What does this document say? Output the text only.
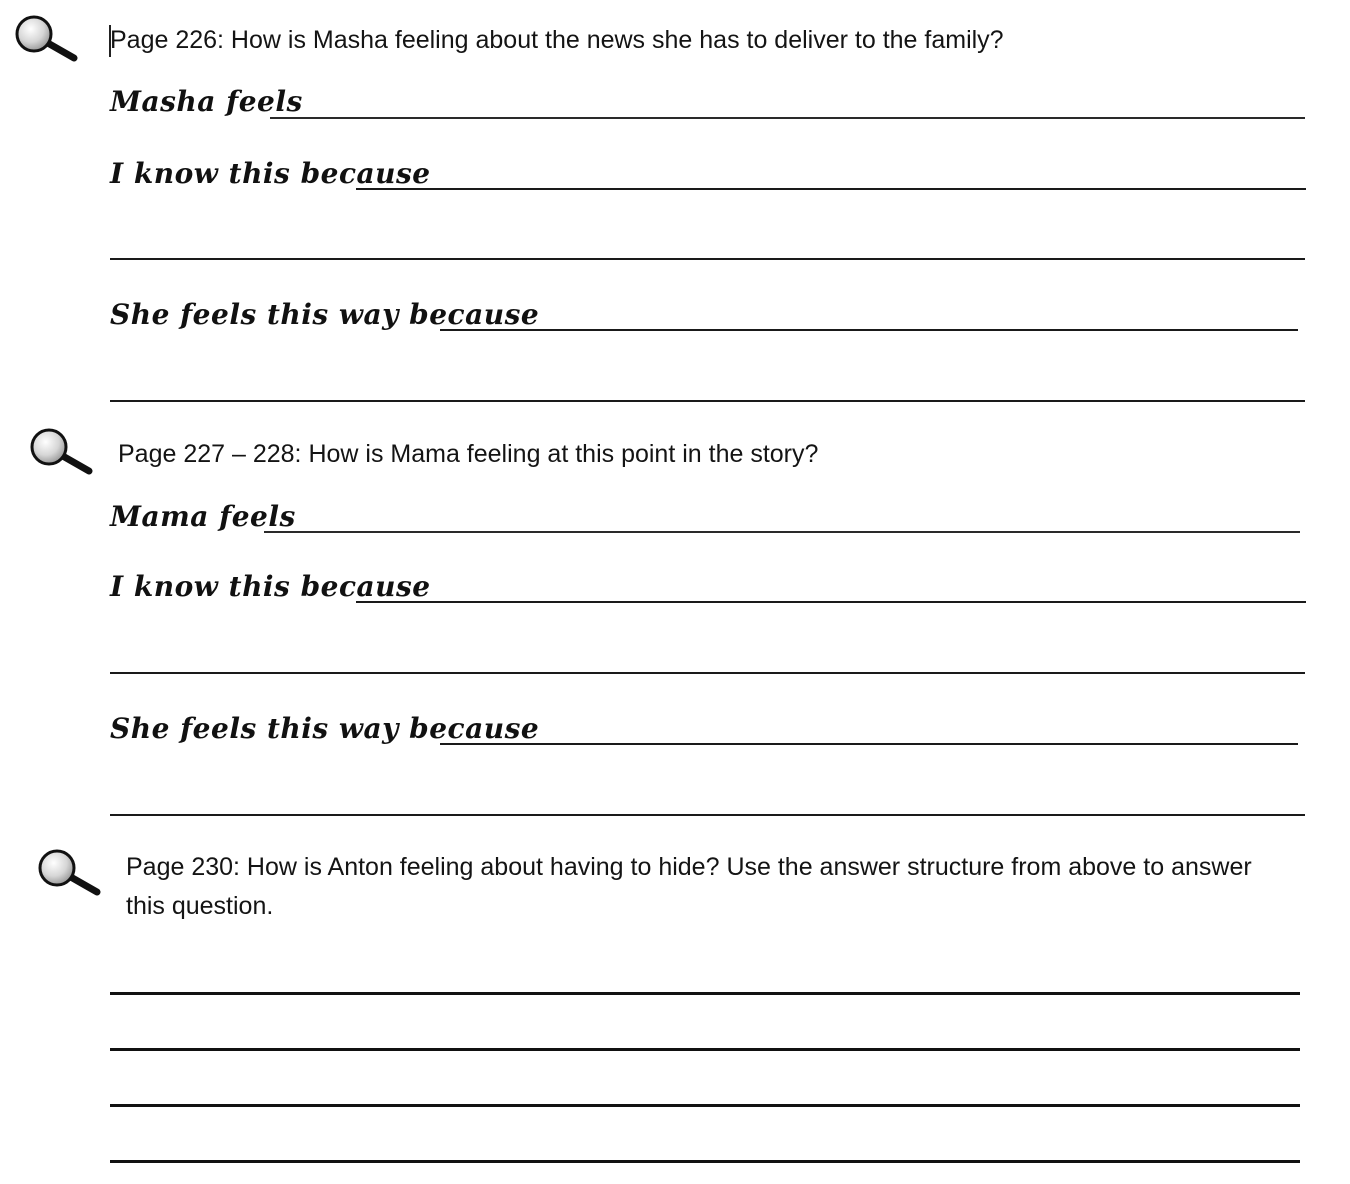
Page 226: How is Masha feeling about the news she has to deliver to the family?
Masha feels
I know this because
She feels this way because
Page 227 – 228: How is Mama feeling at this point in the story?
Mama feels
I know this because
She feels this way because
Page 230: How is Anton feeling about having to hide? Use the answer structure from above to answer this question.
